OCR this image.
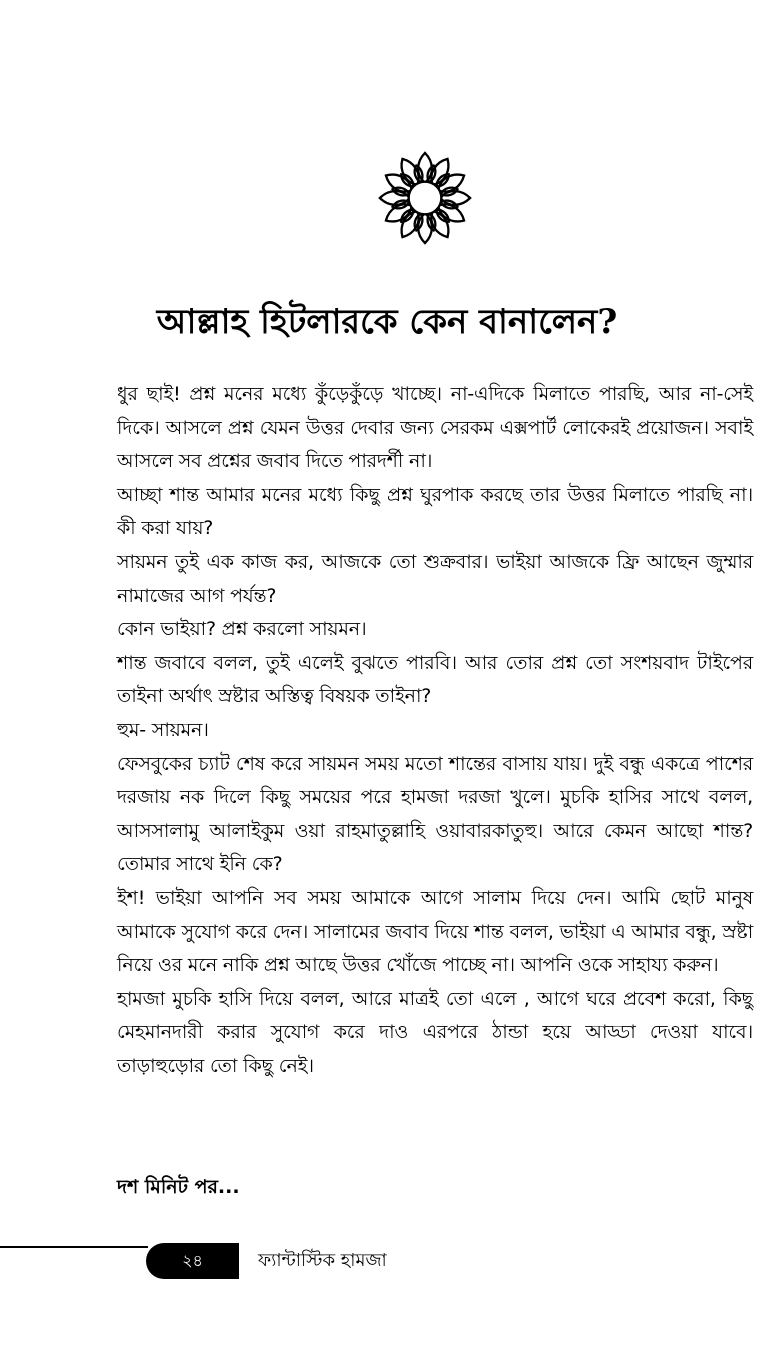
আল্লাহ হিটলারকে কেন বানালেন?

ধুর ছাই! প্রশ্ন মনের মধ্যে কুঁড়েকুঁড়ে খাচ্ছে। না-এদিকে মিলাতে পারছি, আর না-সেই দিকে। আসলে প্রশ্ন যেমন উত্তর দেবার জন্য সেরকম এক্সপার্ট লোকেরই প্রয়োজন। সবাই আসলে সব প্রশ্নের জবাব দিতে পারদর্শী না।

আচ্ছা শান্ত আমার মনের মধ্যে কিছু প্রশ্ন ঘুরপাক করছে তার উত্তর মিলাতে পারছি না। কী করা যায়?

সায়মন তুই এক কাজ কর, আজকে তো শুক্রবার। ভাইয়া আজকে ফ্রি আছেন জুম্মার নামাজের আগ পর্যন্ত?

কোন ভাইয়া? প্রশ্ন করলো সায়মন।

শান্ত জবাবে বলল, তুই এলেই বুঝতে পারবি। আর তোর প্রশ্ন তো সংশয়বাদ টাইপের তাইনা অর্থাৎ স্রষ্টার অস্তিত্ব বিষয়ক তাইনা?

হুম- সায়মন।

ফেসবুকের চ্যাট শেষ করে সায়মন সময় মতো শান্তের বাসায় যায়। দুই বন্ধু একত্রে পাশের দরজায় নক দিলে কিছু সময়ের পরে হামজা দরজা খুলে। মুচকি হাসির সাথে বলল, আসসালামু আলাইকুম ওয়া রাহমাতুল্লাহি ওয়াবারকাতুহু। আরে কেমন আছো শান্ত? তোমার সাথে ইনি কে?

ইশ! ভাইয়া আপনি সব সময় আমাকে আগে সালাম দিয়ে দেন। আমি ছোট মানুষ আমাকে সুযোগ করে দেন। সালামের জবাব দিয়ে শান্ত বলল, ভাইয়া এ আমার বন্ধু, স্রষ্টা নিয়ে ওর মনে নাকি প্রশ্ন আছে উত্তর খোঁজে পাচ্ছে না। আপনি ওকে সাহায্য করুন।

হামজা মুচকি হাসি দিয়ে বলল, আরে মাত্রই তো এলে , আগে ঘরে প্রবেশ করো, কিছু মেহমানদারী করার সুযোগ করে দাও এরপরে ঠান্ডা হয়ে আড্ডা দেওয়া যাবে। তাড়াহুড়োর তো কিছু নেই।

দশ মিনিট পর...

২৪	ফ্যান্টাস্টিক হামজা
